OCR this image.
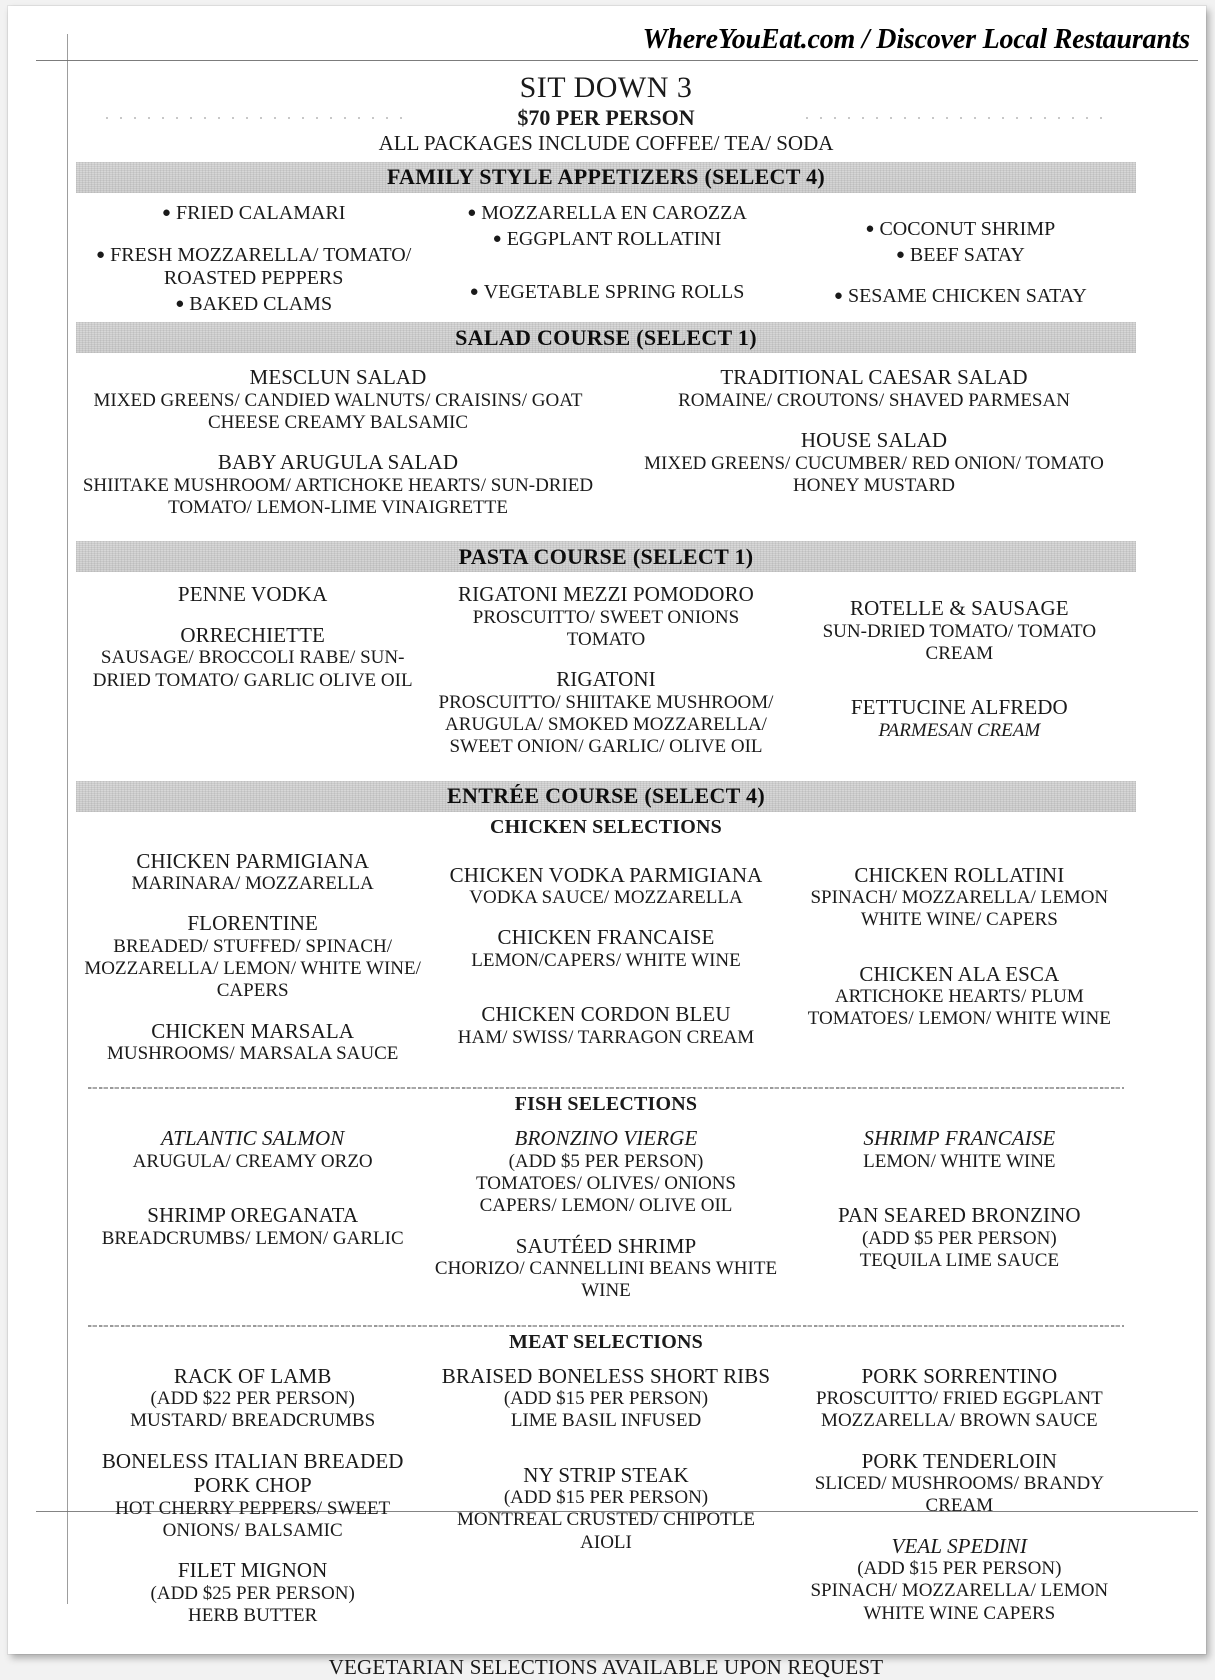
WhereYouEat.com / Discover Local Restaurants
SIT DOWN 3
$70 PER PERSON
ALL PACKAGES INCLUDE COFFEE/ TEA/ SODA
FAMILY STYLE APPETIZERS (SELECT 4)
● FRIED CALAMARI
● FRESH MOZZARELLA/ TOMATO/ ROASTED PEPPERS
● BAKED CLAMS
● MOZZARELLA EN CAROZZA
● EGGPLANT ROLLATINI
● VEGETABLE SPRING ROLLS
● COCONUT SHRIMP
● BEEF SATAY
● SESAME CHICKEN SATAY
SALAD COURSE (SELECT 1)
MESCLUN SALAD
MIXED GREENS/ CANDIED WALNUTS/ CRAISINS/ GOAT CHEESE CREAMY BALSAMIC
BABY ARUGULA SALAD
SHIITAKE MUSHROOM/ ARTICHOKE HEARTS/ SUN-DRIED TOMATO/ LEMON-LIME VINAIGRETTE
TRADITIONAL CAESAR SALAD
ROMAINE/ CROUTONS/ SHAVED PARMESAN
HOUSE SALAD
MIXED GREENS/ CUCUMBER/ RED ONION/ TOMATO HONEY MUSTARD
PASTA COURSE (SELECT 1)
PENNE VODKA
ORRECHIETTE
SAUSAGE/ BROCCOLI RABE/ SUN-DRIED TOMATO/ GARLIC OLIVE OIL
RIGATONI MEZZI POMODORO
PROSCUITTO/ SWEET ONIONS TOMATO
RIGATONI
PROSCUITTO/ SHIITAKE MUSHROOM/ ARUGULA/ SMOKED MOZZARELLA/ SWEET ONION/ GARLIC/ OLIVE OIL
ROTELLE & SAUSAGE
SUN-DRIED TOMATO/ TOMATO CREAM
FETTUCINE ALFREDO
PARMESAN CREAM
ENTRÉE COURSE (SELECT 4)
CHICKEN SELECTIONS
CHICKEN PARMIGIANA
MARINARA/ MOZZARELLA
FLORENTINE
BREADED/ STUFFED/ SPINACH/ MOZZARELLA/ LEMON/ WHITE WINE/ CAPERS
CHICKEN MARSALA
MUSHROOMS/ MARSALA SAUCE
CHICKEN VODKA PARMIGIANA
VODKA SAUCE/ MOZZARELLA
CHICKEN FRANCAISE
LEMON/CAPERS/ WHITE WINE
CHICKEN CORDON BLEU
HAM/ SWISS/ TARRAGON CREAM
CHICKEN ROLLATINI
SPINACH/ MOZZARELLA/ LEMON WHITE WINE/ CAPERS
CHICKEN ALA ESCA
ARTICHOKE HEARTS/ PLUM TOMATOES/ LEMON/ WHITE WINE
FISH SELECTIONS
ATLANTIC SALMON
ARUGULA/ CREAMY ORZO
SHRIMP OREGANATA
BREADCRUMBS/ LEMON/ GARLIC
BRONZINO VIERGE
(ADD $5 PER PERSON)
TOMATOES/ OLIVES/ ONIONS
CAPERS/ LEMON/ OLIVE OIL
SAUTÉED SHRIMP
CHORIZO/ CANNELLINI BEANS WHITE WINE
SHRIMP FRANCAISE
LEMON/ WHITE WINE
PAN SEARED BRONZINO
(ADD $5 PER PERSON)
TEQUILA LIME SAUCE
MEAT SELECTIONS
RACK OF LAMB
(ADD $22 PER PERSON)
MUSTARD/ BREADCRUMBS
BONELESS ITALIAN BREADED PORK CHOP
HOT CHERRY PEPPERS/ SWEET ONIONS/ BALSAMIC
FILET MIGNON
(ADD $25 PER PERSON)
HERB BUTTER
BRAISED BONELESS SHORT RIBS
(ADD $15 PER PERSON)
LIME BASIL INFUSED
NY STRIP STEAK
(ADD $15 PER PERSON)
MONTREAL CRUSTED/ CHIPOTLE AIOLI
PORK SORRENTINO
PROSCUITTO/ FRIED EGGPLANT MOZZARELLA/ BROWN SAUCE
PORK TENDERLOIN
SLICED/ MUSHROOMS/ BRANDY CREAM
VEAL SPEDINI
(ADD $15 PER PERSON)
SPINACH/ MOZZARELLA/ LEMON WHITE WINE CAPERS
VEGETARIAN SELECTIONS AVAILABLE UPON REQUEST
